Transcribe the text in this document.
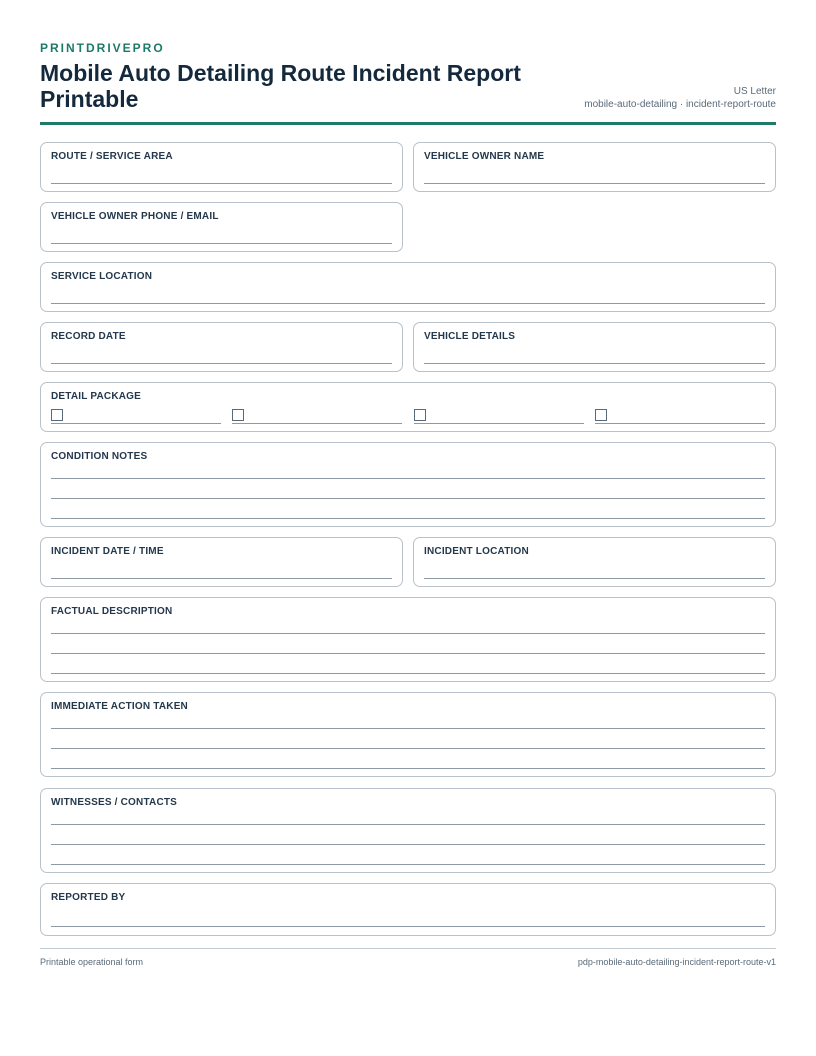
PRINTDRIVEPRO
Mobile Auto Detailing Route Incident Report Printable	US Letter
mobile-auto-detailing · incident-report-route
ROUTE / SERVICE AREA	VEHICLE OWNER NAME
VEHICLE OWNER PHONE / EMAIL
SERVICE LOCATION
RECORD DATE	VEHICLE DETAILS
DETAIL PACKAGE
CONDITION NOTES
INCIDENT DATE / TIME	INCIDENT LOCATION
FACTUAL DESCRIPTION
IMMEDIATE ACTION TAKEN
WITNESSES / CONTACTS
REPORTED BY
Printable operational form	pdp-mobile-auto-detailing-incident-report-route-v1
